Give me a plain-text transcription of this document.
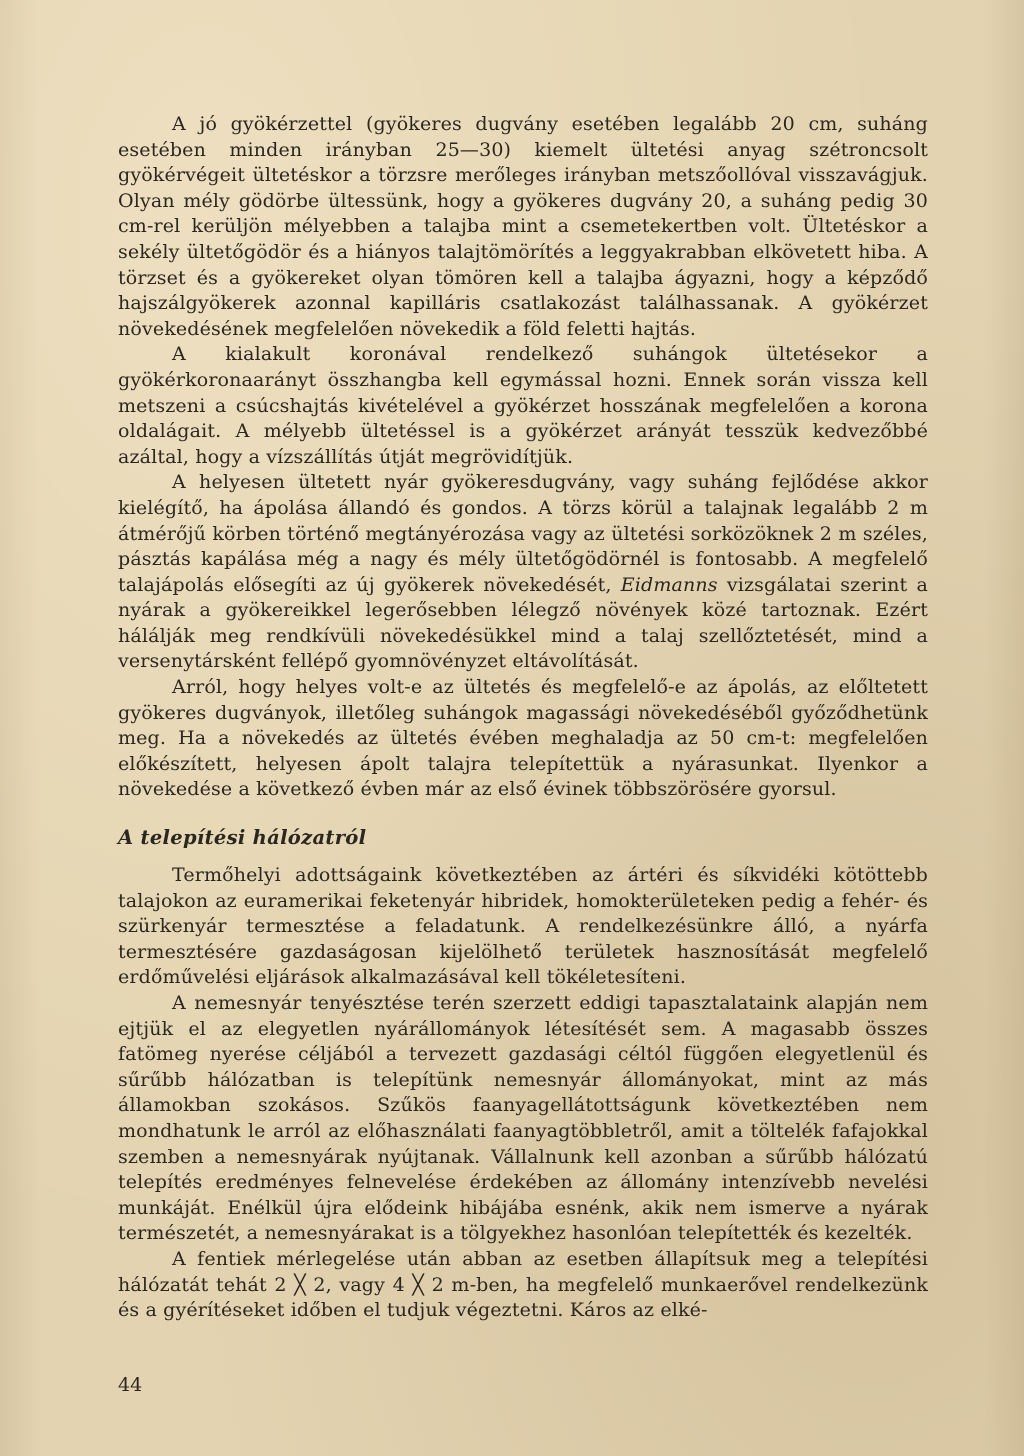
A jó gyökérzettel (gyökeres dugvány esetében legalább 20 cm, suháng esetében minden irányban 25—30) kiemelt ültetési anyag szétroncsolt gyökérvégeit ültetéskor a törzsre merőleges irányban metszőollóval visszavágjuk. Olyan mély gödörbe ültessünk, hogy a gyökeres dugvány 20, a suháng pedig 30 cm-rel kerüljön mélyebben a talajba mint a csemetekertben volt. Ültetéskor a sekély ültetőgödör és a hiányos talajtömörítés a leggyakrabban elkövetett hiba. A törzset és a gyökereket olyan tömören kell a talajba ágyazni, hogy a képződő hajszálgyökerek azonnal kapilláris csatlakozást találhassanak. A gyökérzet növekedésének megfelelően növekedik a föld feletti hajtás.

A kialakult koronával rendelkező suhángok ültetésekor a gyökérkoronaarányt összhangba kell egymással hozni. Ennek során vissza kell metszeni a csúcshajtás kivételével a gyökérzet hosszának megfelelően a korona oldalágait. A mélyebb ültetéssel is a gyökérzet arányát tesszük kedvezőbbé azáltal, hogy a vízszállítás útját megrövidítjük.

A helyesen ültetett nyár gyökeresdugvány, vagy suháng fejlődése akkor kielégítő, ha ápolása állandó és gondos. A törzs körül a talajnak legalább 2 m átmérőjű körben történő megtányérozása vagy az ültetési sorközöknek 2 m széles, pásztás kapálása még a nagy és mély ültetőgödörnél is fontosabb. A megfelelő talajápolás elősegíti az új gyökerek növekedését, Eidmanns vizsgálatai szerint a nyárak a gyökereikkel legerősebben lélegző növények közé tartoznak. Ezért hálálják meg rendkívüli növekedésükkel mind a talaj szellőztetését, mind a versenytársként fellépő gyomnövényzet eltávolítását.

Arról, hogy helyes volt-e az ültetés és megfelelő-e az ápolás, az előltetett gyökeres dugványok, illetőleg suhángok magassági növekedéséből győződhetünk meg. Ha a növekedés az ültetés évében meghaladja az 50 cm-t: megfelelően előkészített, helyesen ápolt talajra telepítettük a nyárasunkat. Ilyenkor a növekedése a következő évben már az első évinek többszörösére gyorsul.

A telepítési hálózatról

Termőhelyi adottságaink következtében az ártéri és síkvidéki kötöttebb talajokon az euramerikai feketenyár hibridek, homokterületeken pedig a fehér- és szürkenyár termesztése a feladatunk. A rendelkezésünkre álló, a nyárfa termesztésére gazdaságosan kijelölhető területek hasznosítását megfelelő erdőművelési eljárások alkalmazásával kell tökéletesíteni.

A nemesnyár tenyésztése terén szerzett eddigi tapasztalataink alapján nem ejtjük el az elegyetlen nyárállományok létesítését sem. A magasabb összes fatömeg nyerése céljából a tervezett gazdasági céltól függően elegyetlenül és sűrűbb hálózatban is telepítünk nemesnyár állományokat, mint az más államokban szokásos. Szűkös faanyagellátottságunk következtében nem mondhatunk le arról az előhasználati faanyagtöbbletről, amit a töltelék fafajokkal szemben a nemesnyárak nyújtanak. Vállalnunk kell azonban a sűrűbb hálózatú telepítés eredményes felnevelése érdekében az állomány intenzívebb nevelési munkáját. Enélkül újra elődeink hibájába esnénk, akik nem ismerve a nyárak természetét, a nemesnyárakat is a tölgyekhez hasonlóan telepítették és kezelték.

A fentiek mérlegelése után abban az esetben állapítsuk meg a telepítési hálózatát tehát 2 ╳ 2, vagy 4 ╳ 2 m-ben, ha megfelelő munkaerővel rendelkezünk és a gyérítéseket időben el tudjuk végeztetni. Káros az elké-

44
